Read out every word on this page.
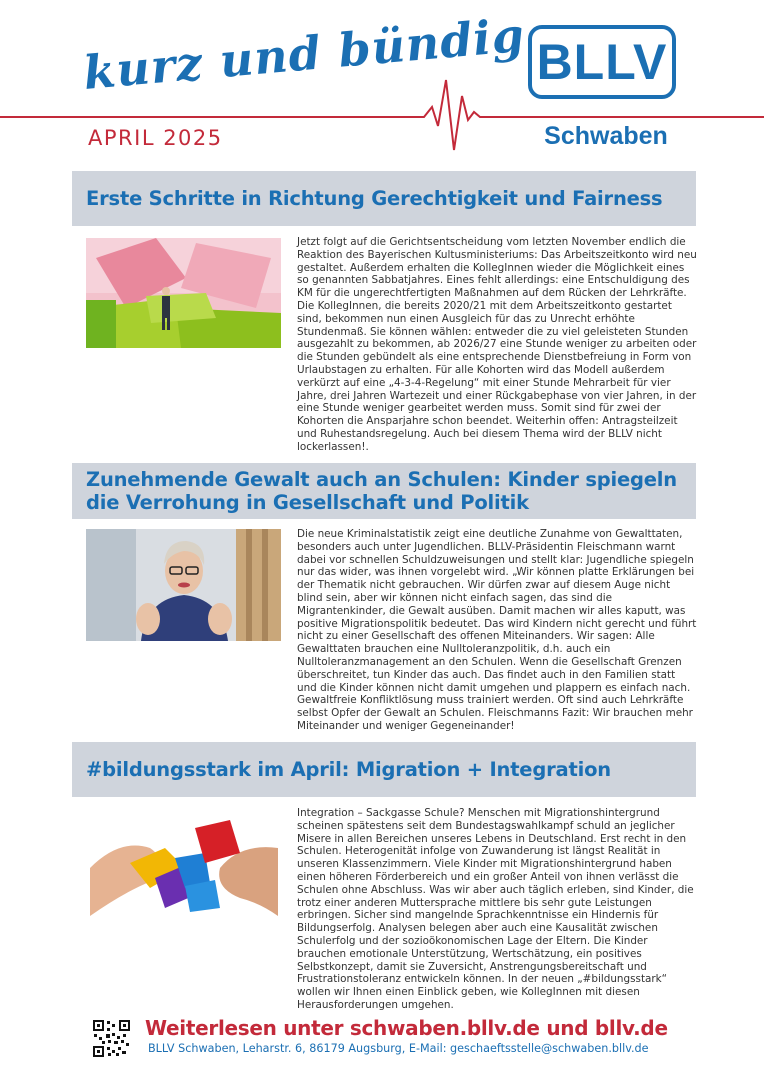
kurz und bündig
APRIL 2025
BLLV
Schwaben
Erste Schritte in Richtung Gerechtigkeit und Fairness
Jetzt folgt auf die Gerichtsentscheidung vom letzten November endlich die Reaktion des Bayerischen Kultusministeriums: Das Arbeitszeitkonto wird neu gestaltet. Außerdem erhalten die KollegInnen wieder die Möglichkeit eines so genannten Sabbatjahres. Eines fehlt allerdings: eine Entschuldigung des KM für die ungerechtfertigten Maßnahmen auf dem Rücken der Lehrkräfte. Die KollegInnen, die bereits 2020/21 mit dem Arbeitszeitkonto gestartet sind, bekommen nun einen Ausgleich für das zu Unrecht erhöhte Stundenmaß. Sie können wählen: entweder die zu viel geleisteten Stunden ausgezahlt zu bekommen, ab 2026/27 eine Stunde weniger zu arbeiten oder die Stunden gebündelt als eine entsprechende Dienstbefreiung in Form von Urlaubstagen zu erhalten. Für alle Kohorten wird das Modell außerdem verkürzt auf eine „4-3-4-Regelung“ mit einer Stunde Mehrarbeit für vier Jahre, drei Jahren Wartezeit und einer Rückgabephase von vier Jahren, in der eine Stunde weniger gearbeitet werden muss. Somit sind für zwei der Kohorten die Ansparjahre schon beendet. Weiterhin offen: Antragsteilzeit und Ruhestandsregelung. Auch bei diesem Thema wird der BLLV nicht lockerlassen!.
Zunehmende Gewalt auch an Schulen: Kinder spiegeln die Verrohung in Gesellschaft und Politik
Die neue Kriminalstatistik zeigt eine deutliche Zunahme von Gewalttaten, besonders auch unter Jugendlichen. BLLV-Präsidentin Fleischmann warnt dabei vor schnellen Schuldzuweisungen und stellt klar: Jugendliche spiegeln nur das wider, was ihnen vorgelebt wird. „Wir können platte Erklärungen bei der Thematik nicht gebrauchen. Wir dürfen zwar auf diesem Auge nicht blind sein, aber wir können nicht einfach sagen, das sind die Migrantenkinder, die Gewalt ausüben. Damit machen wir alles kaputt, was positive Migrationspolitik bedeutet. Das wird Kindern nicht gerecht und führt nicht zu einer Gesellschaft des offenen Miteinanders. Wir sagen: Alle Gewalttaten brauchen eine Nulltoleranzpolitik, d.h. auch ein Nulltoleranzmanagement an den Schulen. Wenn die Gesellschaft Grenzen überschreitet, tun Kinder das auch. Das findet auch in den Familien statt und die Kinder können nicht damit umgehen und plappern es einfach nach. Gewaltfreie Konfliktlösung muss trainiert werden. Oft sind auch Lehrkräfte selbst Opfer der Gewalt an Schulen. Fleischmanns Fazit: Wir brauchen mehr Miteinander und weniger Gegeneinander!
#bildungsstark im April: Migration + Integration
Integration – Sackgasse Schule? Menschen mit Migrationshintergrund scheinen spätestens seit dem Bundestagswahlkampf schuld an jeglicher Misere in allen Bereichen unseres Lebens in Deutschland. Erst recht in den Schulen. Heterogenität infolge von Zuwanderung ist längst Realität in unseren Klassenzimmern. Viele Kinder mit Migrationshintergrund haben einen höheren Förderbereich und ein großer Anteil von ihnen verlässt die Schulen ohne Abschluss. Was wir aber auch täglich erleben, sind Kinder, die trotz einer anderen Muttersprache mittlere bis sehr gute Leistungen erbringen. Sicher sind mangelnde Sprachkenntnisse ein Hindernis für Bildungserfolg. Analysen belegen aber auch eine Kausalität zwischen Schulerfolg und der sozioökonomischen Lage der Eltern. Die Kinder brauchen emotionale Unterstützung, Wertschätzung, ein positives Selbstkonzept, damit sie Zuversicht, Anstrengungsbereitschaft und Frustrationstoleranz entwickeln können. In der neuen „#bildungsstark“ wollen wir Ihnen einen Einblick geben, wie KollegInnen mit diesen Herausforderungen umgehen.
Weiterlesen unter schwaben.bllv.de und bllv.de
BLLV Schwaben, Leharstr. 6, 86179 Augsburg, E-Mail: geschaeftsstelle@schwaben.bllv.de
